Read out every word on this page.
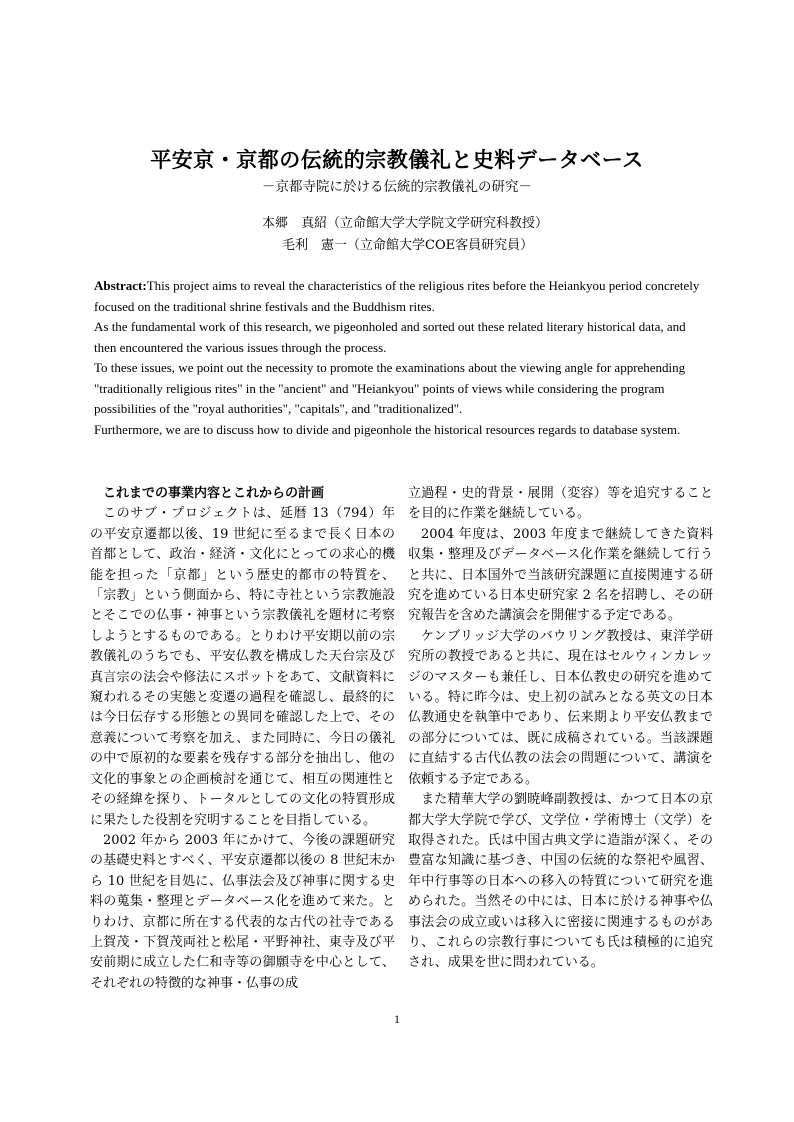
平安京・京都の伝統的宗教儀礼と史料データベース
－京都寺院に於ける伝統的宗教儀礼の研究－
本郷　真紹（立命館大学大学院文学研究科教授）
毛利　憲一（立命館大学COE客員研究員）

Abstract:This project aims to reveal the characteristics of the religious rites before the Heiankyou period concretely focused on the traditional shrine festivals and the Buddhism rites.

As the fundamental work of this research, we pigeonholed and sorted out these related literary historical data, and then encountered the various issues through the process.

To these issues, we point out the necessity to promote the examinations about the viewing angle for apprehending "traditionally religious rites" in the "ancient" and "Heiankyou" points of views while considering the program possibilities of the "royal authorities", "capitals", and "traditionalized".

Furthermore, we are to discuss how to divide and pigeonhole the historical resources regards to database system.

これまでの事業内容とこれからの計画

このサブ・プロジェクトは、延暦 13（794）年の平安京遷都以後、19 世紀に至るまで長く日本の首都として、政治・経済・文化にとっての求心的機能を担った「京都」という歴史的都市の特質を、「宗教」という側面から、特に寺社という宗教施設とそこでの仏事・神事という宗教儀礼を題材に考察しようとするものである。とりわけ平安期以前の宗教儀礼のうちでも、平安仏教を構成した天台宗及び真言宗の法会や修法にスポットをあて、文献資料に窺われるその実態と変遷の過程を確認し、最終的には今日伝存する形態との異同を確認した上で、その意義について考察を加え、また同時に、今日の儀礼の中で原初的な要素を残存する部分を抽出し、他の文化的事象との企画検討を通じて、相互の関連性とその経緯を探り、トータルとしての文化の特質形成に果たした役割を究明することを目指している。

2002 年から 2003 年にかけて、今後の課題研究の基礎史料とすべく、平安京遷都以後の 8 世紀末から 10 世紀を目処に、仏事法会及び神事に関する史料の蒐集・整理とデータベース化を進めて来た。とりわけ、京都に所在する代表的な古代の社寺である上賀茂・下賀茂両社と松尾・平野神社、東寺及び平安前期に成立した仁和寺等の御願寺を中心として、それぞれの特徴的な神事・仏事の成

立過程・史的背景・展開（変容）等を追究することを目的に作業を継続している。

2004 年度は、2003 年度まで継続してきた資料収集・整理及びデータベース化作業を継続して行うと共に、日本国外で当該研究課題に直接関連する研究を進めている日本史研究家 2 名を招聘し、その研究報告を含めた講演会を開催する予定である。

ケンブリッジ大学のバウリング教授は、東洋学研究所の教授であると共に、現在はセルウィンカレッジのマスターも兼任し、日本仏教史の研究を進めている。特に昨今は、史上初の試みとなる英文の日本仏教通史を執筆中であり、伝来期より平安仏教までの部分については、既に成稿されている。当該課題に直結する古代仏教の法会の問題について、講演を依頼する予定である。

また精華大学の劉暁峰副教授は、かつて日本の京都大学大学院で学び、文学位・学術博士（文学）を取得された。氏は中国古典文学に造詣が深く、その豊富な知識に基づき、中国の伝統的な祭祀や風習、年中行事等の日本への移入の特質について研究を進められた。当然その中には、日本に於ける神事や仏事法会の成立或いは移入に密接に関連するものがあり、これらの宗教行事についても氏は積極的に追究され、成果を世に問われている。

1
